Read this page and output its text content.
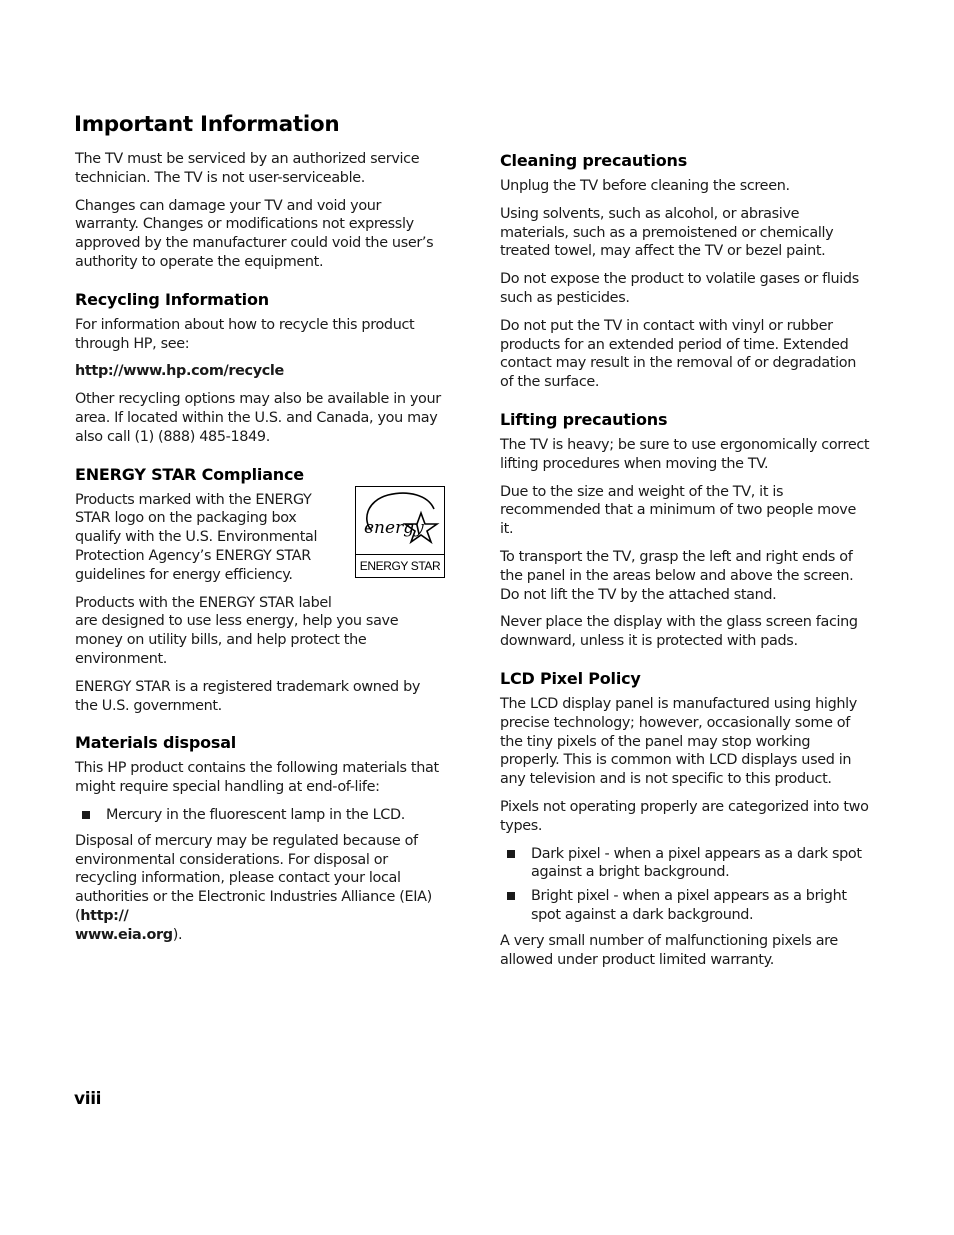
Important Information

The TV must be serviced by an authorized service technician. The TV is not user-serviceable.

Changes can damage your TV and void your warranty. Changes or modifications not expressly approved by the manufacturer could void the user’s authority to operate the equipment.

Recycling Information

For information about how to recycle this product through HP, see:

http://www.hp.com/recycle

Other recycling options may also be available in your area. If located within the U.S. and Canada, you may also call (1) (888) 485-1849.

ENERGY STAR Compliance

Products marked with the ENERGY STAR logo on the packaging box qualify with the U.S. Environmental Protection Agency’s ENERGY STAR guidelines for energy efficiency.

Products with the ENERGY STAR label

energy
ENERGY STAR

are designed to use less energy, help you save money on utility bills, and help protect the environment.

ENERGY STAR is a registered trademark owned by the U.S. government.

Materials disposal

This HP product contains the following materials that might require special handling at end-of-life:

Mercury in the fluorescent lamp in the LCD.

Disposal of mercury may be regulated because of environmental considerations. For disposal or recycling information, please contact your local authorities or the Electronic Industries Alliance (EIA) (http://
www.eia.org).

Cleaning precautions

Unplug the TV before cleaning the screen.

Using solvents, such as alcohol, or abrasive materials, such as a premoistened or chemically treated towel, may affect the TV or bezel paint.

Do not expose the product to volatile gases or fluids such as pesticides.

Do not put the TV in contact with vinyl or rubber products for an extended period of time. Extended contact may result in the removal of or degradation of the surface.

Lifting precautions

The TV is heavy; be sure to use ergonomically correct lifting procedures when moving the TV.

Due to the size and weight of the TV, it is recommended that a minimum of two people move it.

To transport the TV, grasp the left and right ends of the panel in the areas below and above the screen. Do not lift the TV by the attached stand.

Never place the display with the glass screen facing downward, unless it is protected with pads.

LCD Pixel Policy

The LCD display panel is manufactured using highly precise technology; however, occasionally some of the tiny pixels of the panel may stop working properly. This is common with LCD displays used in any television and is not specific to this product.

Pixels not operating properly are categorized into two types.

Dark pixel - when a pixel appears as a dark spot against a bright background.
Bright pixel - when a pixel appears as a bright spot against a dark background.

A very small number of malfunctioning pixels are allowed under product limited warranty.

viii
